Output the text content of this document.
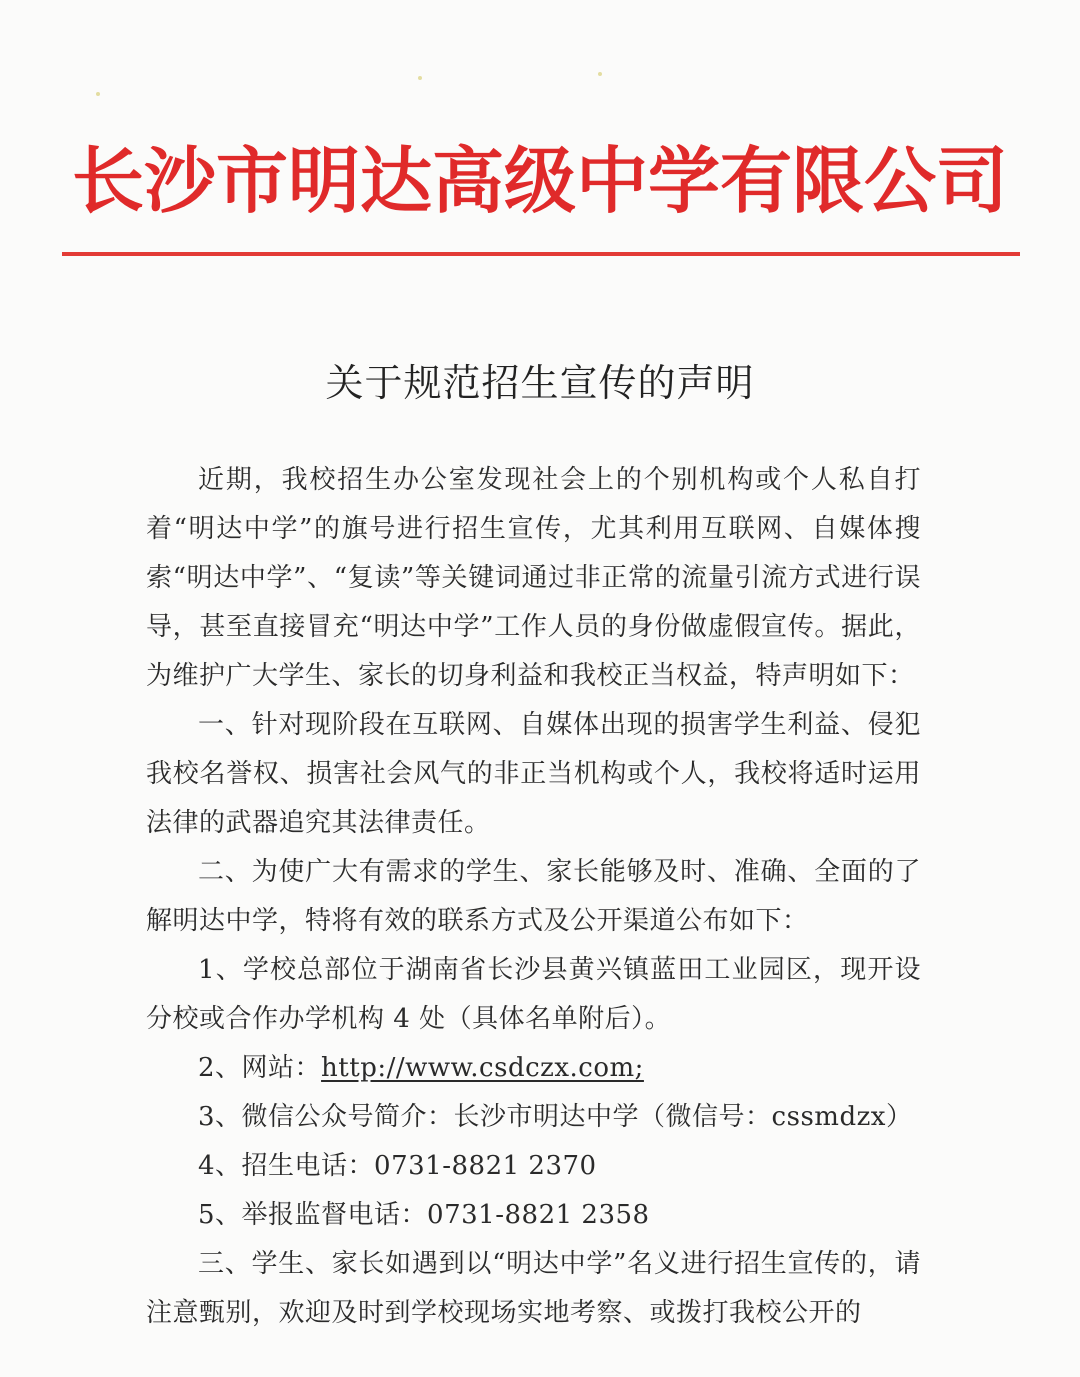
长沙市明达高级中学有限公司
关于规范招生宣传的声明

近期，我校招生办公室发现社会上的个别机构或个人私自打着“明达中学”的旗号进行招生宣传，尤其利用互联网、自媒体搜索“明达中学”、“复读”等关键词通过非正常的流量引流方式进行误导，甚至直接冒充“明达中学”工作人员的身份做虚假宣传。据此，为维护广大学生、家长的切身利益和我校正当权益，特声明如下：

一、针对现阶段在互联网、自媒体出现的损害学生利益、侵犯我校名誉权、损害社会风气的非正当机构或个人，我校将适时运用法律的武器追究其法律责任。

二、为使广大有需求的学生、家长能够及时、准确、全面的了解明达中学，特将有效的联系方式及公开渠道公布如下：

1、学校总部位于湖南省长沙县黄兴镇蓝田工业园区，现开设分校或合作办学机构 4 处（具体名单附后）。

2、网站：http://www.csdczx.com;

3、微信公众号简介：长沙市明达中学（微信号：cssmdzx）

4、招生电话：0731-8821 2370

5、举报监督电话：0731-8821 2358

三、学生、家长如遇到以“明达中学”名义进行招生宣传的，请注意甄别，欢迎及时到学校现场实地考察、或拨打我校公开的
